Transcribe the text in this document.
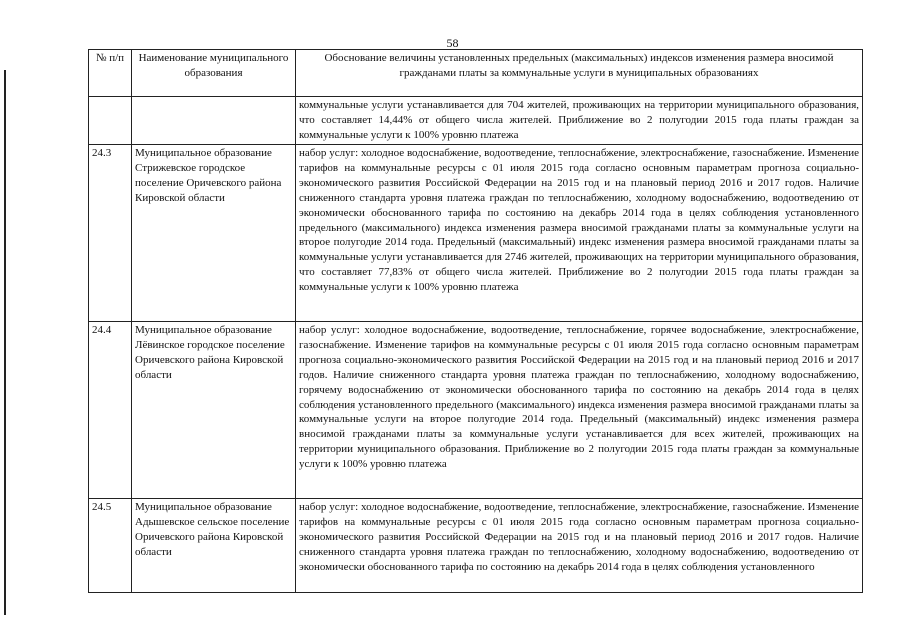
58
№ п/п	Наименование муниципального образования	Обоснование величины установленных предельных (максимальных) индексов изменения размера вносимой гражданами платы за коммунальные услуги в муниципальных образованиях
		коммунальные услуги устанавливается для 704 жителей, проживающих на территории муниципального образования, что составляет 14,44% от общего числа жителей. Приближение во 2 полугодии 2015 года платы граждан за коммунальные услуги к 100% уровню платежа
24.3	Муниципальное образование Стрижевское городское поселение Оричевского района Кировской области	набор услуг: холодное водоснабжение, водоотведение, теплоснабжение, электроснабжение, газоснабжение. Изменение тарифов на коммунальные ресурсы с 01 июля 2015 года согласно основным параметрам прогноза социально-экономического развития Российской Федерации на 2015 год и на плановый период 2016 и 2017 годов. Наличие сниженного стандарта уровня платежа граждан по теплоснабжению, холодному водоснабжению, водоотведению от экономически обоснованного тарифа по состоянию на декабрь 2014 года в целях соблюдения установленного предельного (максимального) индекса изменения размера вносимой гражданами платы за коммунальные услуги на второе полугодие 2014 года. Предельный (максимальный) индекс изменения размера вносимой гражданами платы за коммунальные услуги устанавливается для 2746 жителей, проживающих на территории муниципального образования, что составляет 77,83% от общего числа жителей. Приближение во 2 полугодии 2015 года платы граждан за коммунальные услуги к 100% уровню платежа
24.4	Муниципальное образование Лёвинское городское поселение Оричевского района Кировской области	набор услуг: холодное водоснабжение, водоотведение, теплоснабжение, горячее водоснабжение, электроснабжение, газоснабжение. Изменение тарифов на коммунальные ресурсы с 01 июля 2015 года согласно основным параметрам прогноза социально-экономического развития Российской Федерации на 2015 год и на плановый период 2016 и 2017 годов. Наличие сниженного стандарта уровня платежа граждан по теплоснабжению, холодному водоснабжению, горячему водоснабжению от экономически обоснованного тарифа по состоянию на декабрь 2014 года в целях соблюдения установленного предельного (максимального) индекса изменения размера вносимой гражданами платы за коммунальные услуги на второе полугодие 2014 года. Предельный (максимальный) индекс изменения размера вносимой гражданами платы за коммунальные услуги устанавливается для всех жителей, проживающих на территории муниципального образования. Приближение во 2 полугодии 2015 года платы граждан за коммунальные услуги к 100% уровню платежа
24.5	Муниципальное образование Адышевское сельское поселение Оричевского района Кировской области	набор услуг: холодное водоснабжение, водоотведение, теплоснабжение, электроснабжение, газоснабжение. Изменение тарифов на коммунальные ресурсы с 01 июля 2015 года согласно основным параметрам прогноза социально-экономического развития Российской Федерации на 2015 год и на плановый период 2016 и 2017 годов. Наличие сниженного стандарта уровня платежа граждан по теплоснабжению, холодному водоснабжению, водоотведению от экономически обоснованного тарифа по состоянию на декабрь 2014 года в целях соблюдения установленного
